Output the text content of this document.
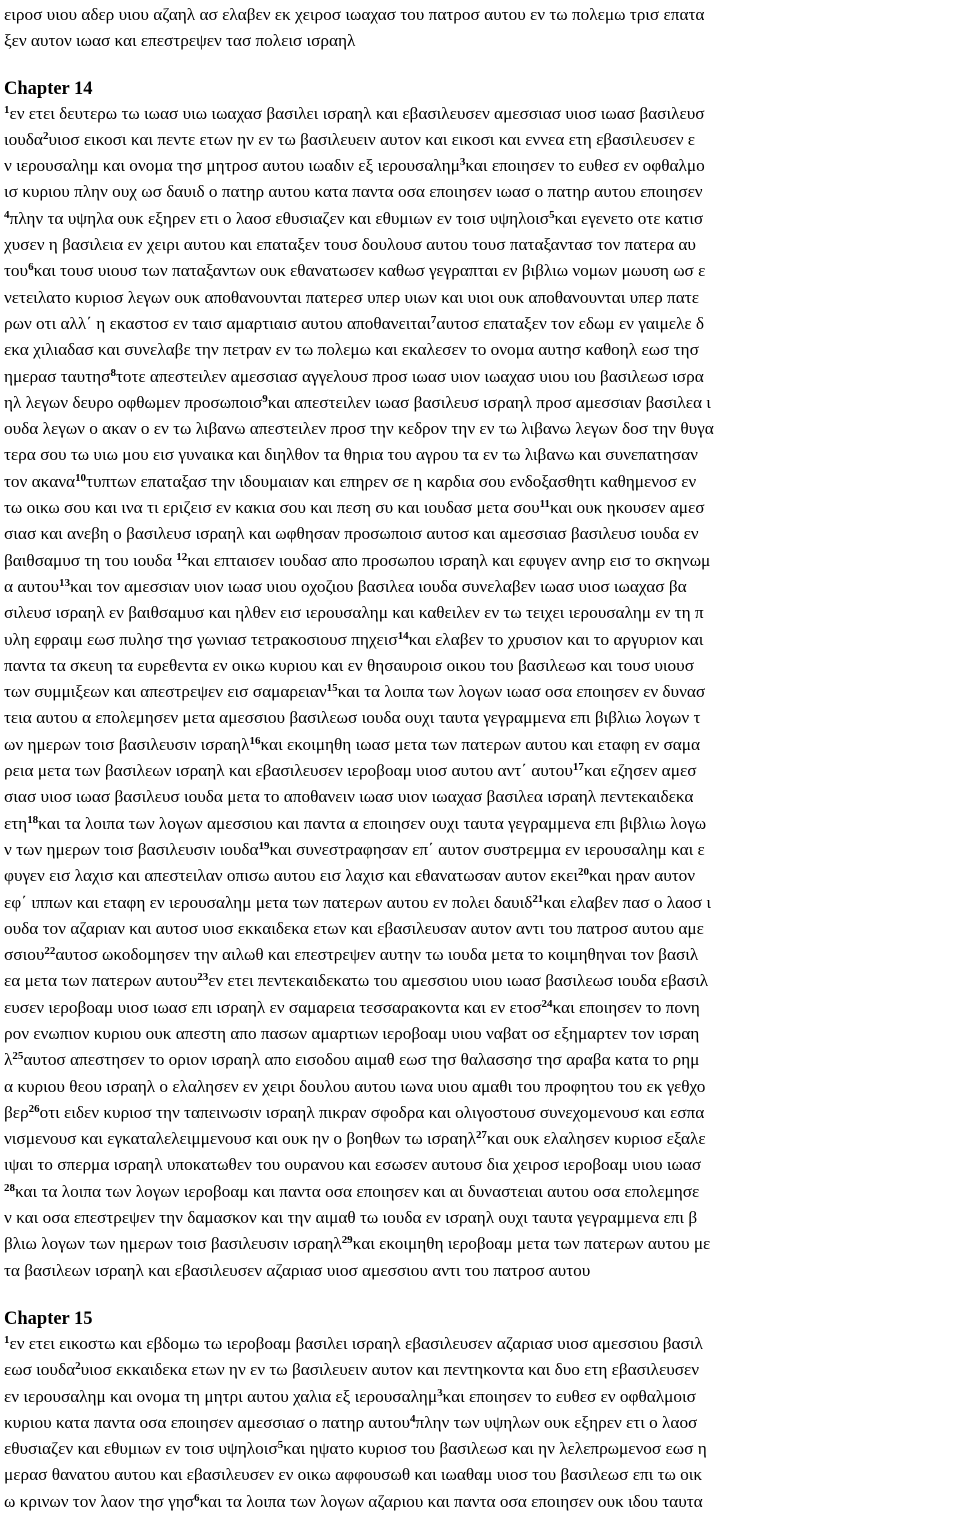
ειροσ υιου αδερ υιου αζαηλ ασ ελαβεν εκ χειροσ ιωαχασ του πατροσ αυτου εν τω πολεμω τρισ επατα
ξεν αυτον ιωασ και επεστρεψεν τασ πολεισ ισραηλ
Chapter 14
$^1$εν ετει δευτερω τω ιωασ υιω ιωαχασ βασιλει ισραηλ και εβασιλευσεν αμεσσιασ υιοσ ιωασ βασιλευσ
ιουδα$^2$υιοσ εικοσι και πεντε ετων ην εν τω βασιλευειν αυτον και εικοσι και εννεα ετη εβασιλευσεν ε
ν ιερουσαλημ και ονομα τησ μητροσ αυτου ιωαδιν εξ ιερουσαλημ$^3$και εποιησεν το ευθεσ εν οφθαλμο
ισ κυριου πλην ουχ ωσ δαυιδ ο πατηρ αυτου κατα παντα οσα εποιησεν ιωασ ο πατηρ αυτου εποιησεν
$^4$πλην τα υψηλα ουκ εξηρεν ετι ο λαοσ εθυσιαζεν και εθυμιων εν τοισ υψηλοισ$^5$και εγενετο οτε κατισ
χυσεν η βασιλεια εν χειρι αυτου και επαταξεν τουσ δουλουσ αυτου τουσ παταξαντασ τον πατερα αυ
του$^6$και τουσ υιουσ των παταξαντων ουκ εθανατωσεν καθωσ γεγραπται εν βιβλιω νομων μωυση ωσ ε
νετειλατο κυριοσ λεγων ουκ αποθανουνται πατερεσ υπερ υιων και υιοι ουκ αποθανουνται υπερ πατε
ρων οτι αλλ΄ η εκαστοσ εν ταισ αμαρτιαισ αυτου αποθανειται$^7$αυτοσ επαταξεν τον εδωμ εν γαιμελε δ
εκα χιλιαδασ και συνελαβε την πετραν εν τω πολεμω και εκαλεσεν το ονομα αυτησ καθοηλ εωσ τησ
ημερασ ταυτησ$^8$τοτε απεστειλεν αμεσσιασ αγγελουσ προσ ιωασ υιον ιωαχασ υιου ιου βασιλεωσ ισρα
ηλ λεγων δευρο οφθωμεν προσωποισ$^9$και απεστειλεν ιωασ βασιλευσ ισραηλ προσ αμεσσιαν βασιλεα ι
ουδα λεγων ο ακαν ο εν τω λιβανω απεστειλεν προσ την κεδρον την εν τω λιβανω λεγων δοσ την θυγα
τερα σου τω υιω μου εισ γυναικα και διηλθον τα θηρια του αγρου τα εν τω λιβανω και συνεπατησαν
τον ακανα$^{10}$τυπτων επαταξασ την ιδουμαιαν και επηρεν σε η καρδια σου ενδοξασθητι καθημενοσ εν
τω οικω σου και ινα τι εριζεισ εν κακια σου και πεση συ και ιουδασ μετα σου$^{11}$και ουκ ηκουσεν αμεσ
σιασ και ανεβη ο βασιλευσ ισραηλ και ωφθησαν προσωποισ αυτοσ και αμεσσιασ βασιλευσ ιουδα εν
βαιθσαμυσ τη του ιουδα $^{12}$και επταισεν ιουδασ απο προσωπου ισραηλ και εφυγεν ανηρ εισ το σκηνωμ
α αυτου$^{13}$και τον αμεσσιαν υιον ιωασ υιου οχοζιου βασιλεα ιουδα συνελαβεν ιωασ υιοσ ιωαχασ βα
σιλευσ ισραηλ εν βαιθσαμυσ και ηλθεν εισ ιερουσαλημ και καθειλεν εν τω τειχει ιερουσαλημ εν τη π
υλη εφραιμ εωσ πυλησ τησ γωνιασ τετρακοσιουσ πηχεισ$^{14}$και ελαβεν το χρυσιον και το αργυριον και
παντα τα σκευη τα ευρεθεντα εν οικω κυριου και εν θησαυροισ οικου του βασιλεωσ και τουσ υιουσ
των συμμιξεων και απεστρεψεν εισ σαμαρειαν$^{15}$και τα λοιπα των λογων ιωασ οσα εποιησεν εν δυνασ
τεια αυτου α επολεμησεν μετα αμεσσιου βασιλεωσ ιουδα ουχι ταυτα γεγραμμενα επι βιβλιω λογων τ
ων ημερων τοισ βασιλευσιν ισραηλ$^{16}$και εκοιμηθη ιωασ μετα των πατερων αυτου και εταφη εν σαμα
ρεια μετα των βασιλεων ισραηλ και εβασιλευσεν ιεροβοαμ υιοσ αυτου αντ΄ αυτου$^{17}$και εζησεν αμεσ
σιασ υιοσ ιωασ βασιλευσ ιουδα μετα το αποθανειν ιωασ υιον ιωαχασ βασιλεα ισραηλ πεντεκαιδεκα
ετη$^{18}$και τα λοιπα των λογων αμεσσιου και παντα α εποιησεν ουχι ταυτα γεγραμμενα επι βιβλιω λογω
ν των ημερων τοισ βασιλευσιν ιουδα$^{19}$και συνεστραφησαν επ΄ αυτον συστρεμμα εν ιερουσαλημ και ε
φυγεν εισ λαχισ και απεστειλαν οπισω αυτου εισ λαχισ και εθανατωσαν αυτον εκει$^{20}$και ηραν αυτον
εφ΄ ιππων και εταφη εν ιερουσαλημ μετα των πατερων αυτου εν πολει δαυιδ$^{21}$και ελαβεν πασ ο λαοσ ι
ουδα τον αζαριαν και αυτοσ υιοσ εκκαιδεκα ετων και εβασιλευσαν αυτον αντι του πατροσ αυτου αμε
σσιου$^{22}$αυτοσ ωκοδομησεν την αιλωθ και επεστρεψεν αυτην τω ιουδα μετα το κοιμηθηναι τον βασιλ
εα μετα των πατερων αυτου$^{23}$εν ετει πεντεκαιδεκατω του αμεσσιου υιου ιωασ βασιλεωσ ιουδα εβασιλ
ευσεν ιεροβοαμ υιοσ ιωασ επι ισραηλ εν σαμαρεια τεσσαρακοντα και εν ετοσ$^{24}$και εποιησεν το πονη
ρον ενωπιον κυριου ουκ απεστη απο πασων αμαρτιων ιεροβοαμ υιου ναβατ οσ εξημαρτεν τον ισραη
$\lambda^{25}\alpha\upsilon\tau o\sigma$ απεστησεν το οριον ισραηλ απο εισοδου αιμαθ εωσ τησ θαλασσησ τησ αραβα κατα το ρημ
α κυριου θεου ισραηλ ο ελαλησεν εν χειρι δουλου αυτου ιωνα υιου αμαθι του προφητου του εκ γεθχο
βερ$^{26}$οτι ειδεν κυριοσ την ταπεινωσιν ισραηλ πικραν σφοδρα και ολιγοστουσ συνεχομενουσ και εσπα
νισμενουσ και εγκαταλελειμμενουσ και ουκ ην ο βοηθων τω ισραηλ$^{27}$και ουκ ελαλησεν κυριοσ εξαλε
ιψαι το σπερμα ισραηλ υποκατωθεν του ουρανου και εσωσεν αυτουσ δια χειροσ ιεροβοαμ υιου ιωασ
$^{28}$και τα λοιπα των λογων ιεροβοαμ και παντα οσα εποιησεν και αι δυναστειαι αυτου οσα επολεμησε
ν και οσα επεστρεψεν την δαμασκον και την αιμαθ τω ιουδα εν ισραηλ ουχι ταυτα γεγραμμενα επι β
βλιω λογων των ημερων τοισ βασιλευσιν ισραηλ$^{29}$και εκοιμηθη ιεροβοαμ μετα των πατερων αυτου με
τα βασιλεων ισραηλ και εβασιλευσεν αζαριασ υιοσ αμεσσιου αντι του πατροσ αυτου
Chapter 15
$^1$εν ετει εικοστω και εβδομω τω ιεροβοαμ βασιλει ισραηλ εβασιλευσεν αζαριασ υιοσ αμεσσιου βασιλ
εωσ ιουδα$^2$υιοσ εκκαιδεκα ετων ην εν τω βασιλευειν αυτον και πεντηκοντα και δυο ετη εβασιλευσεν
εν ιερουσαλημ και ονομα τη μητρι αυτου χαλια εξ ιερουσαλημ$^3$και εποιησεν το ευθεσ εν οφθαλμοισ
κυριου κατα παντα οσα εποιησεν αμεσσιασ ο πατηρ αυτου$^4$πλην των υψηλων ουκ εξηρεν ετι ο λαοσ
εθυσιαζεν και εθυμιων εν τοισ υψηλοισ$^5$και ηψατο κυριοσ του βασιλεωσ και ην λελεπρωμενοσ εωσ η
μερασ θανατου αυτου και εβασιλευσεν εν οικω αφφουσωθ και ιωαθαμ υιοσ του βασιλεωσ επι τω οικ
ω κρινων τον λαον τησ γησ$^6$και τα λοιπα των λογων αζαριου και παντα οσα εποιησεν ουκ ιδου ταυτα
